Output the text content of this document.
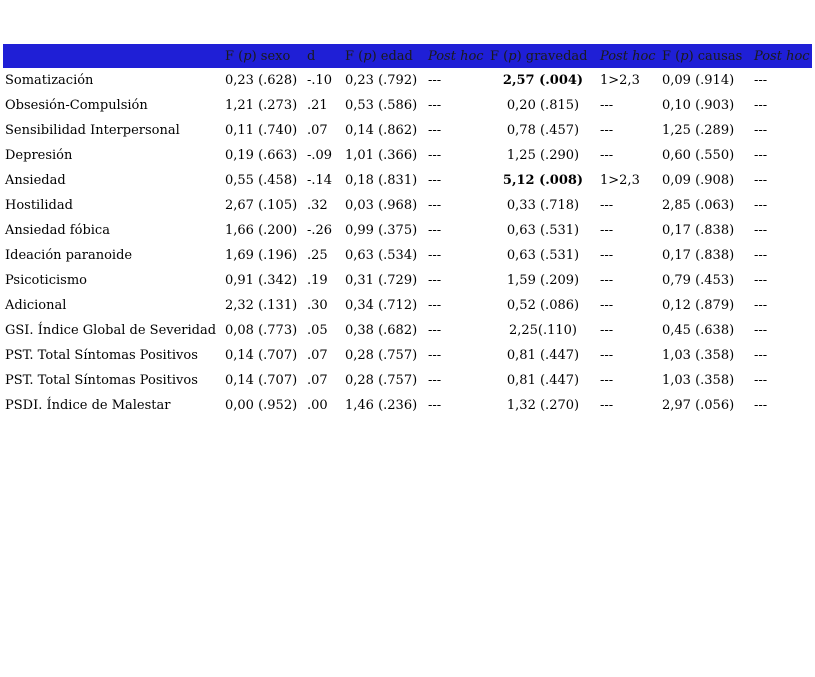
	F (p) sexo	d	F (p) edad	Post hoc	F (p) gravedad	Post hoc	F (p) causas	Post hoc
Somatización	0,23 (.628)	-.10	0,23 (.792)	---	2,57 (.004)	1>2,3	0,09 (.914)	---
Obsesión-Compulsión	1,21 (.273)	.21	0,53 (.586)	---	0,20 (.815)	---	0,10 (.903)	---
Sensibilidad Interpersonal	0,11 (.740)	.07	0,14 (.862)	---	0,78 (.457)	---	1,25 (.289)	---
Depresión	0,19 (.663)	-.09	1,01 (.366)	---	1,25 (.290)	---	0,60 (.550)	---
Ansiedad	0,55 (.458)	-.14	0,18 (.831)	---	5,12 (.008)	1>2,3	0,09 (.908)	---
Hostilidad	2,67 (.105)	.32	0,03 (.968)	---	0,33 (.718)	---	2,85 (.063)	---
Ansiedad fóbica	1,66 (.200)	-.26	0,99 (.375)	---	0,63 (.531)	---	0,17 (.838)	---
Ideación paranoide	1,69 (.196)	.25	0,63 (.534)	---	0,63 (.531)	---	0,17 (.838)	---
Psicoticismo	0,91 (.342)	.19	0,31 (.729)	---	1,59 (.209)	---	0,79 (.453)	---
Adicional	2,32 (.131)	.30	0,34 (.712)	---	0,52 (.086)	---	0,12 (.879)	---
GSI. Índice Global de Severidad	0,08 (.773)	.05	0,38 (.682)	---	2,25(.110)	---	0,45 (.638)	---
PST. Total Síntomas Positivos	0,14 (.707)	.07	0,28 (.757)	---	0,81 (.447)	---	1,03 (.358)	---
PST. Total Síntomas Positivos	0,14 (.707)	.07	0,28 (.757)	---	0,81 (.447)	---	1,03 (.358)	---
PSDI. Índice de Malestar	0,00 (.952)	.00	1,46 (.236)	---	1,32 (.270)	---	2,97 (.056)	---
